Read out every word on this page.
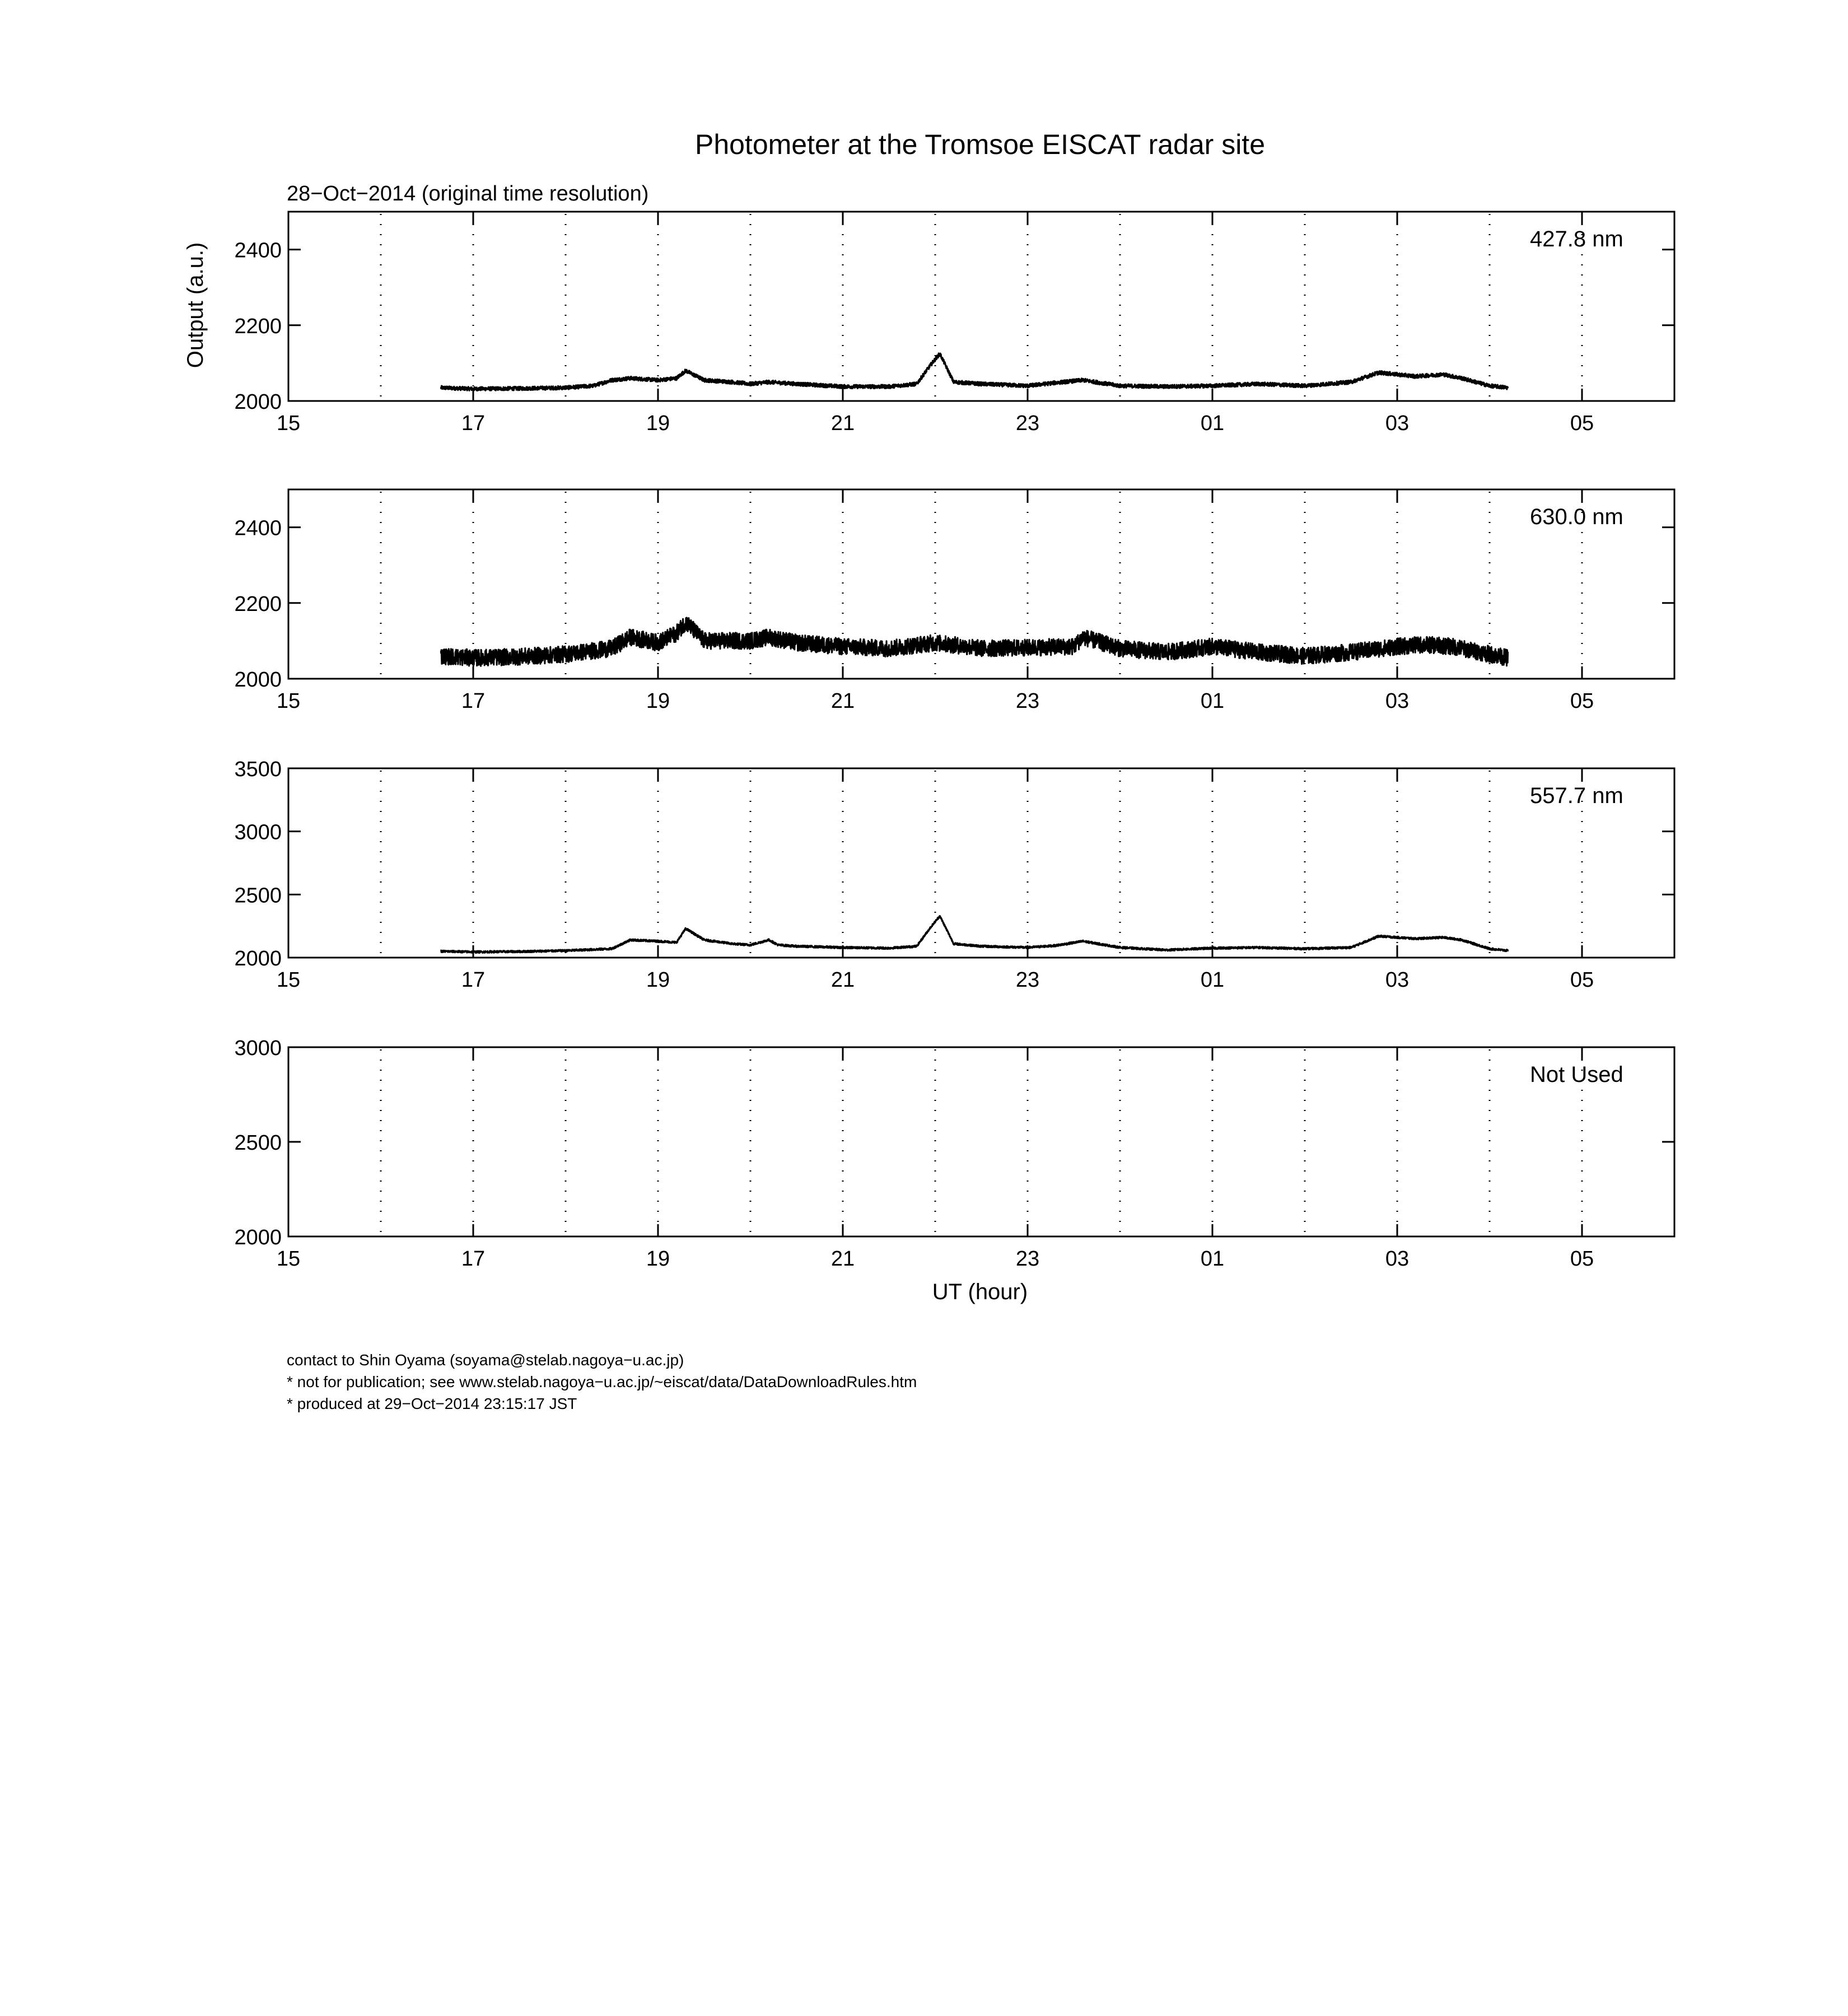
Photometer at the Tromsoe EISCAT radar site
28−Oct−2014 (original time resolution)
Output (a.u.)
15	17	19	21	23	01	03	05
2000
2200
2400	427.8 nm
15	17	19	21	23	01	03	05
2000
2200
2400	630.0 nm
15	17	19	21	23	01	03	05
2000
2500
3000
3500
557.7 nm
15	17	19	21	23	01	03	05
2000
2500
3000
Not Used
UT (hour)
contact to Shin Oyama (soyama@stelab.nagoya−u.ac.jp)
* not for publication; see www.stelab.nagoya−u.ac.jp/~eiscat/data/DataDownloadRules.htm
* produced at 29−Oct−2014 23:15:17 JST
